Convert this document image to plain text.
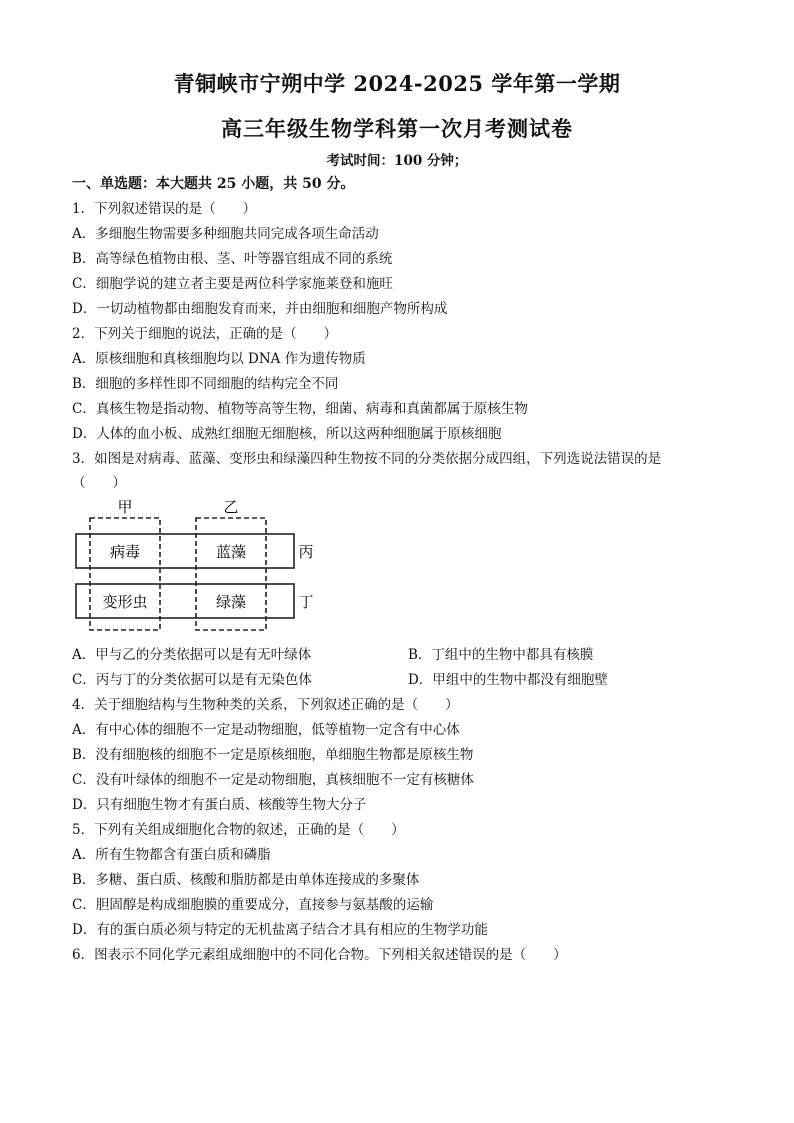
青铜峡市宁朔中学 2024-2025 学年第一学期
高三年级生物学科第一次月考测试卷
考试时间：100 分钟；
一、单选题：本大题共 25 小题，共 50 分。
1．下列叙述错误的是（　　）
A．多细胞生物需要多种细胞共同完成各项生命活动
B．高等绿色植物由根、茎、叶等器官组成不同的系统
C．细胞学说的建立者主要是两位科学家施莱登和施旺
D．一切动植物都由细胞发育而来，并由细胞和细胞产物所构成
2．下列关于细胞的说法，正确的是（　　）
A．原核细胞和真核细胞均以 DNA 作为遗传物质
B．细胞的多样性即不同细胞的结构完全不同
C．真核生物是指动物、植物等高等生物，细菌、病毒和真菌都属于原核生物
D．人体的血小板、成熟红细胞无细胞核，所以这两种细胞属于原核细胞
3．如图是对病毒、蓝藻、变形虫和绿藻四种生物按不同的分类依据分成四组，下列选说法错误的是
（　　）
甲	乙
丙
丁
病毒	蓝藻
变形虫	绿藻
A．甲与乙的分类依据可以是有无叶绿体	B．丁组中的生物中都具有核膜
C．丙与丁的分类依据可以是有无染色体	D．甲组中的生物中都没有细胞壁
4．关于细胞结构与生物种类的关系，下列叙述正确的是（　　）
A．有中心体的细胞不一定是动物细胞，低等植物一定含有中心体
B．没有细胞核的细胞不一定是原核细胞，单细胞生物都是原核生物
C．没有叶绿体的细胞不一定是动物细胞，真核细胞不一定有核糖体
D．只有细胞生物才有蛋白质、核酸等生物大分子
5．下列有关组成细胞化合物的叙述，正确的是（　　）
A．所有生物都含有蛋白质和磷脂
B．多糖、蛋白质、核酸和脂肪都是由单体连接成的多聚体
C．胆固醇是构成细胞膜的重要成分，直接参与氨基酸的运输
D．有的蛋白质必须与特定的无机盐离子结合才具有相应的生物学功能
6．图表示不同化学元素组成细胞中的不同化合物。下列相关叙述错误的是（　　）
